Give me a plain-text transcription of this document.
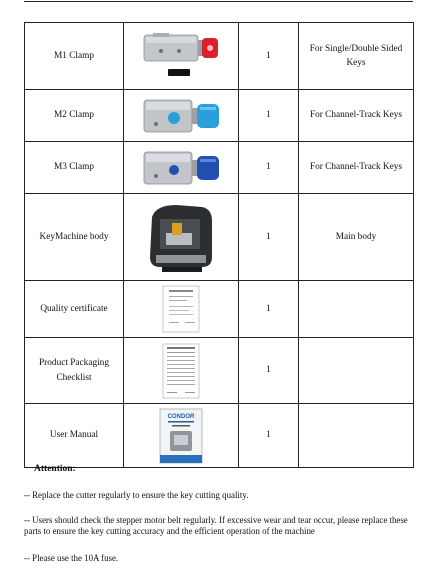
M1 Clamp		1	For Single/Double Sided Keys
M2 Clamp		1	For Channel-Track Keys
M3 Clamp		1	For Channel-Track Keys
KeyMachine body		1	Main body
Quality certificate		1	
Product Packaging Checklist		1	
User Manual	CONDOR	1	
Attention:
-- Replace the cutter regularly to ensure the key cutting quality.
-- Users should check the stepper motor belt regularly. If excessive wear and tear occur, please replace these parts to ensure the key cutting accuracy and the efficient operation of the machine
-- Please use the 10A fuse.
